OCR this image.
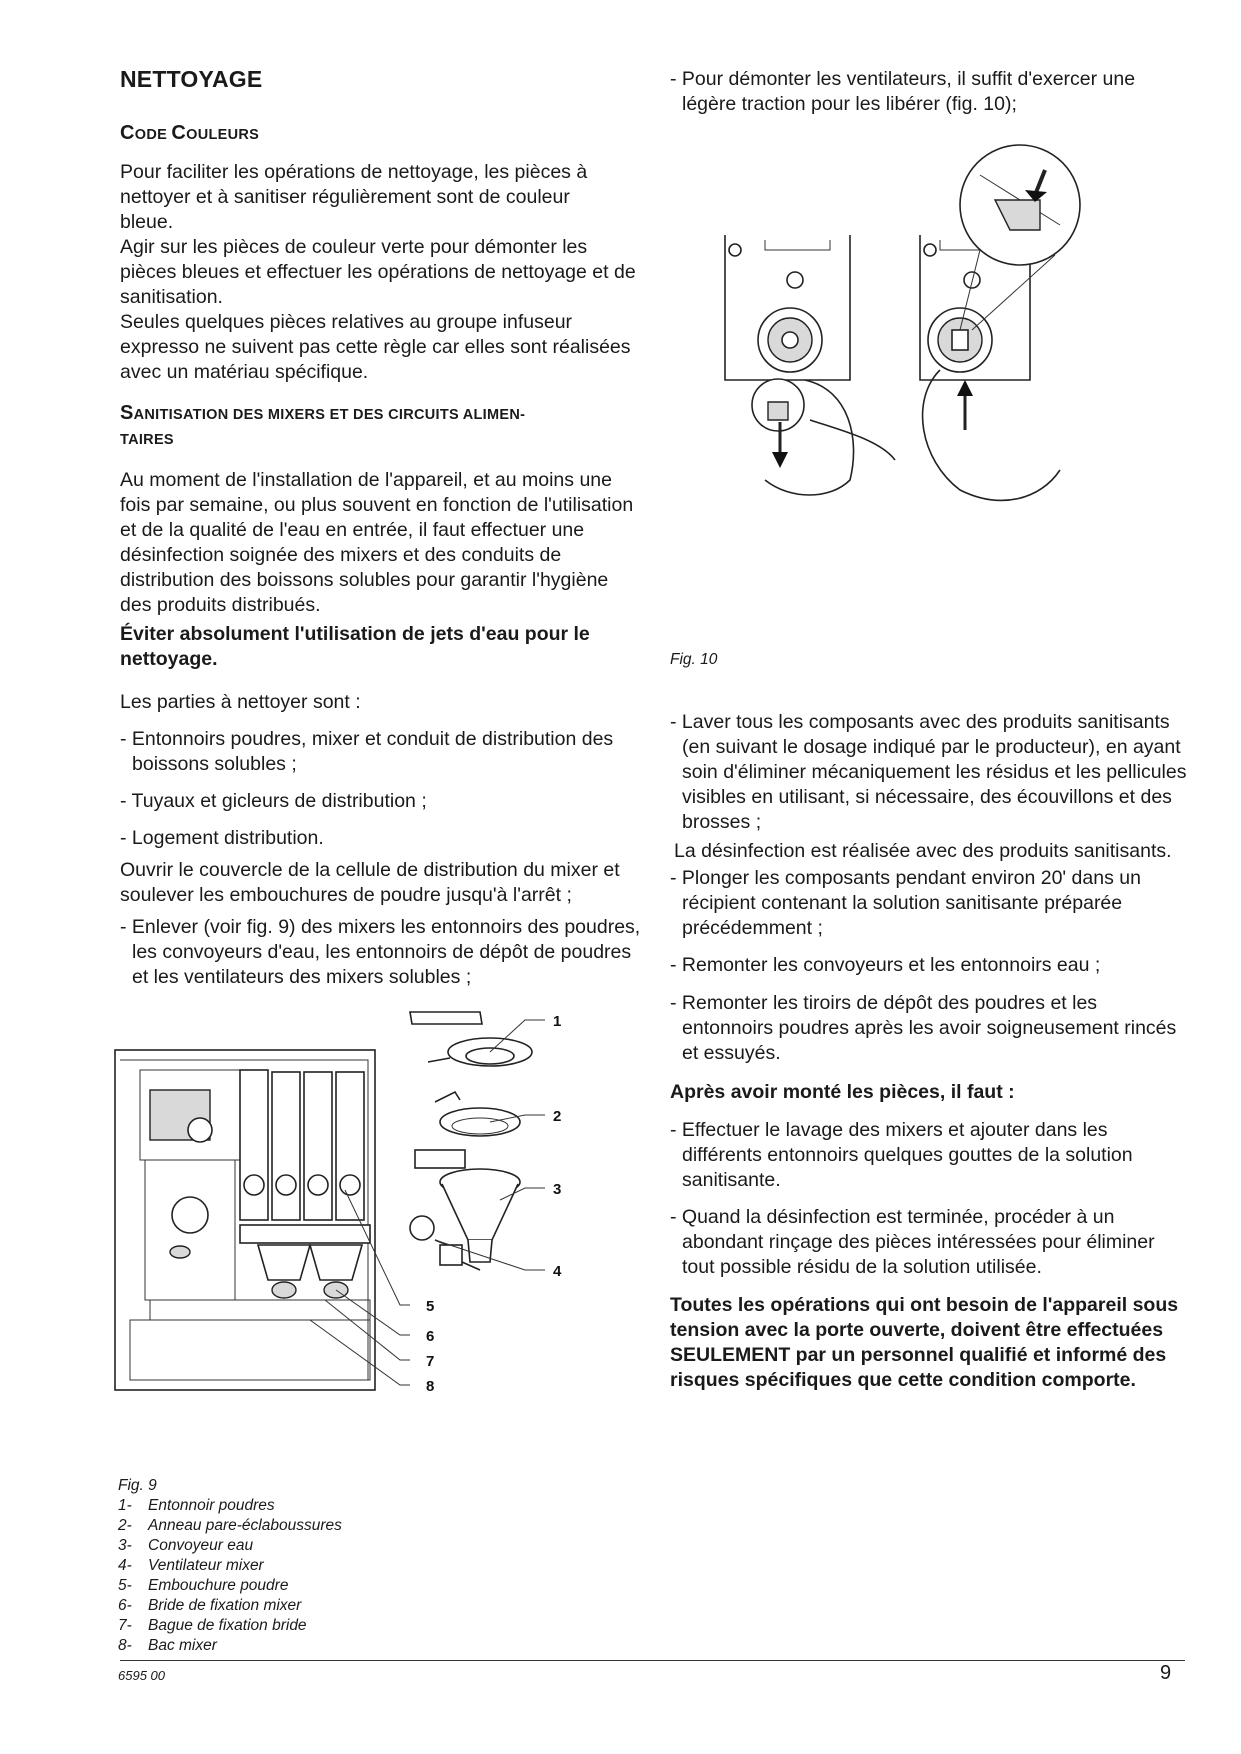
NETTOYAGE

CODE COULEURS

Pour faciliter les opérations de nettoyage, les pièces à nettoyer et à sanitiser régulièrement sont de couleur bleue.

Agir sur les pièces de couleur verte pour démonter les pièces bleues et effectuer les opérations de nettoyage et de sanitisation.

Seules quelques pièces relatives au groupe infuseur expresso ne suivent pas cette règle car elles sont réalisées avec un matériau spécifique.

SANITISATION DES MIXERS ET DES CIRCUITS ALIMEN-

TAIRES

Au moment de l'installation de l'appareil, et au moins une fois par semaine, ou plus souvent en fonction de l'utilisation et de la qualité de l'eau en entrée, il faut effectuer une désinfection soignée des mixers et des conduits de distribution des boissons solubles pour garantir l'hygiène des produits distribués.

Éviter absolument l'utilisation de jets d'eau pour le nettoyage.

Les parties à nettoyer sont :

- Entonnoirs poudres, mixer et conduit de distribution des boissons solubles ;

- Tuyaux et gicleurs de distribution ;

- Logement distribution.

Ouvrir le couvercle de la cellule de distribution du mixer et soulever les embouchures de poudre jusqu'à l'arrêt ;

- Enlever (voir fig. 9) des mixers les entonnoirs des poudres, les convoyeurs d'eau, les entonnoirs de dépôt de poudres et les ventilateurs des mixers solubles ;

1
2
3
4
5
6
7
8

Fig. 9

1- Entonnoir poudres
2- Anneau pare-éclaboussures
3- Convoyeur eau
4- Ventilateur mixer
5- Embouchure poudre
6- Bride de fixation mixer
7- Bague de fixation bride
8- Bac mixer

- Pour démonter les ventilateurs, il suffit d'exercer une légère traction pour les libérer (fig. 10);

Fig. 10

- Laver tous les composants avec des produits sanitisants (en suivant le dosage indiqué par le producteur), en ayant soin d'éliminer mécaniquement les résidus et les pellicules visibles en utilisant, si nécessaire, des écouvillons et des brosses ;

La désinfection est réalisée avec des produits sanitisants.

- Plonger les composants pendant environ 20' dans un récipient contenant la solution sanitisante préparée précédemment ;

- Remonter les convoyeurs et les entonnoirs eau ;

- Remonter les tiroirs de dépôt des poudres et les entonnoirs poudres après les avoir soigneusement rincés et essuyés.

Après avoir monté les pièces, il faut :

- Effectuer le lavage des mixers et ajouter dans les différents entonnoirs quelques gouttes de la solution sanitisante.

- Quand la désinfection est terminée, procéder à un abondant rinçage des pièces intéressées pour éliminer tout possible résidu de la solution utilisée.

Toutes les opérations qui ont besoin de l'appareil sous tension avec la porte ouverte, doivent être effectuées SEULEMENT par un personnel qualifié et informé des risques spécifiques que cette condition comporte.

6595 00	9
